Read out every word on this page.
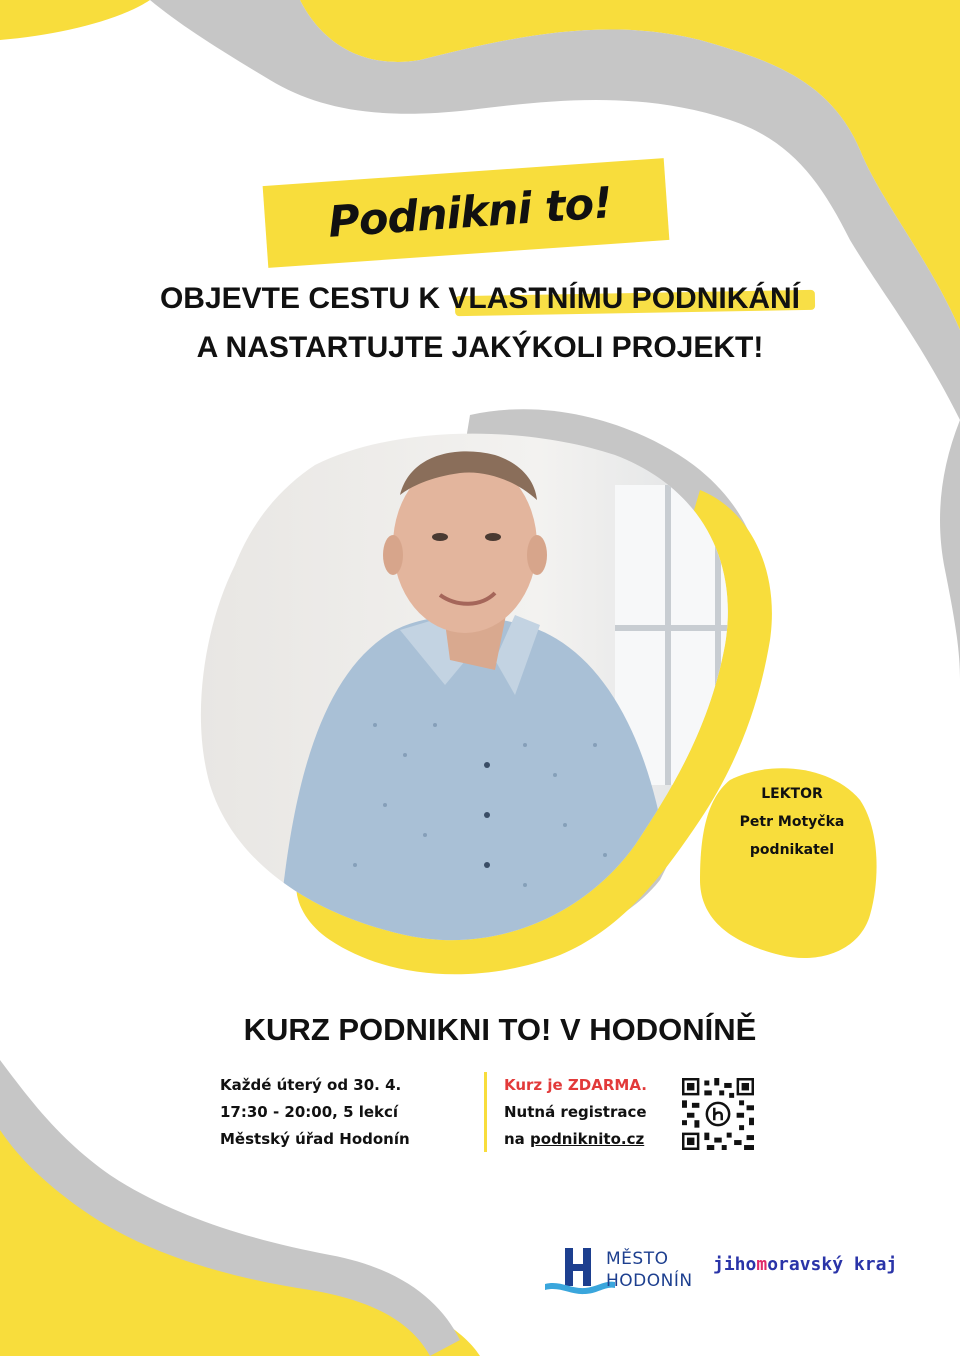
Podnikni to!
OBJEVTE CESTU K VLASTNÍMU PODNIKÁNÍ
A NASTARTUJTE JAKÝKOLI PROJEKT!
LEKTOR
Petr Motyčka
podnikatel
KURZ PODNIKNI TO! V HODONÍNĚ
Každé úterý od 30. 4.
17:30 - 20:00, 5 lekcí
Městský úřad Hodonín
Kurz je ZDARMA.
Nutná registrace
na podniknito.cz
MĚSTO
HODONÍN
jihomoravský kraj
